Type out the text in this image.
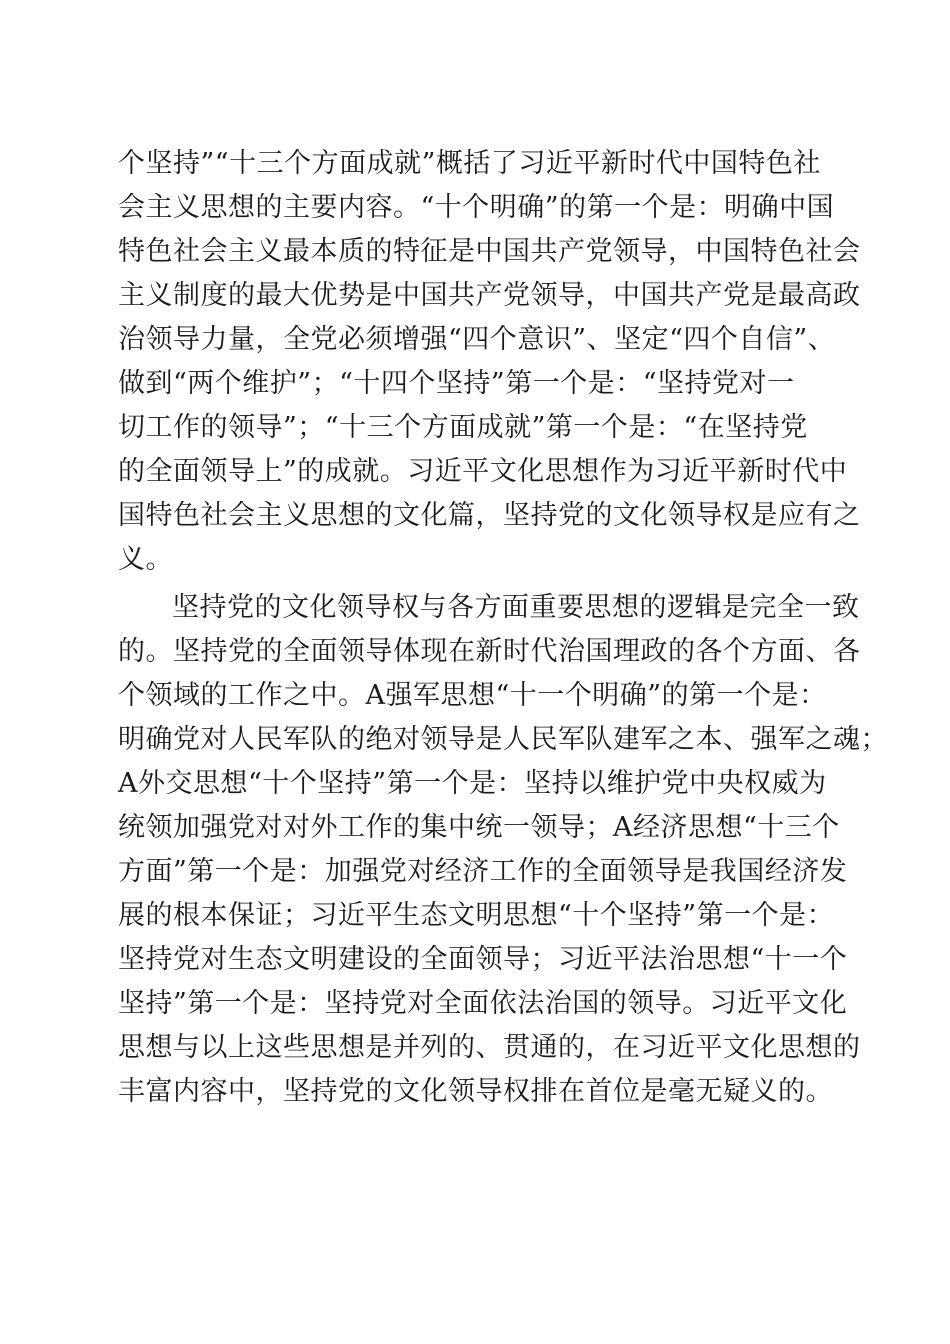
个坚持”“十三个方面成就”概括了习近平新时代中国特色社
会主义思想的主要内容。“十个明确”的第一个是：明确中国
特色社会主义最本质的特征是中国共产党领导，中国特色社会
主义制度的最大优势是中国共产党领导，中国共产党是最高政
治领导力量，全党必须增强“四个意识”、坚定“四个自信”、
做到“两个维护”；“十四个坚持”第一个是：“坚持党对一
切工作的领导”；“十三个方面成就”第一个是：“在坚持党
的全面领导上”的成就。习近平文化思想作为习近平新时代中
国特色社会主义思想的文化篇，坚持党的文化领导权是应有之
义。
坚持党的文化领导权与各方面重要思想的逻辑是完全一致
的。坚持党的全面领导体现在新时代治国理政的各个方面、各
个领域的工作之中。A强军思想“十一个明确”的第一个是：
明确党对人民军队的绝对领导是人民军队建军之本、强军之魂；
A外交思想“十个坚持”第一个是：坚持以维护党中央权威为
统领加强党对对外工作的集中统一领导；A经济思想“十三个
方面”第一个是：加强党对经济工作的全面领导是我国经济发
展的根本保证；习近平生态文明思想“十个坚持”第一个是：
坚持党对生态文明建设的全面领导；习近平法治思想“十一个
坚持”第一个是：坚持党对全面依法治国的领导。习近平文化
思想与以上这些思想是并列的、贯通的，在习近平文化思想的
丰富内容中，坚持党的文化领导权排在首位是毫无疑义的。
